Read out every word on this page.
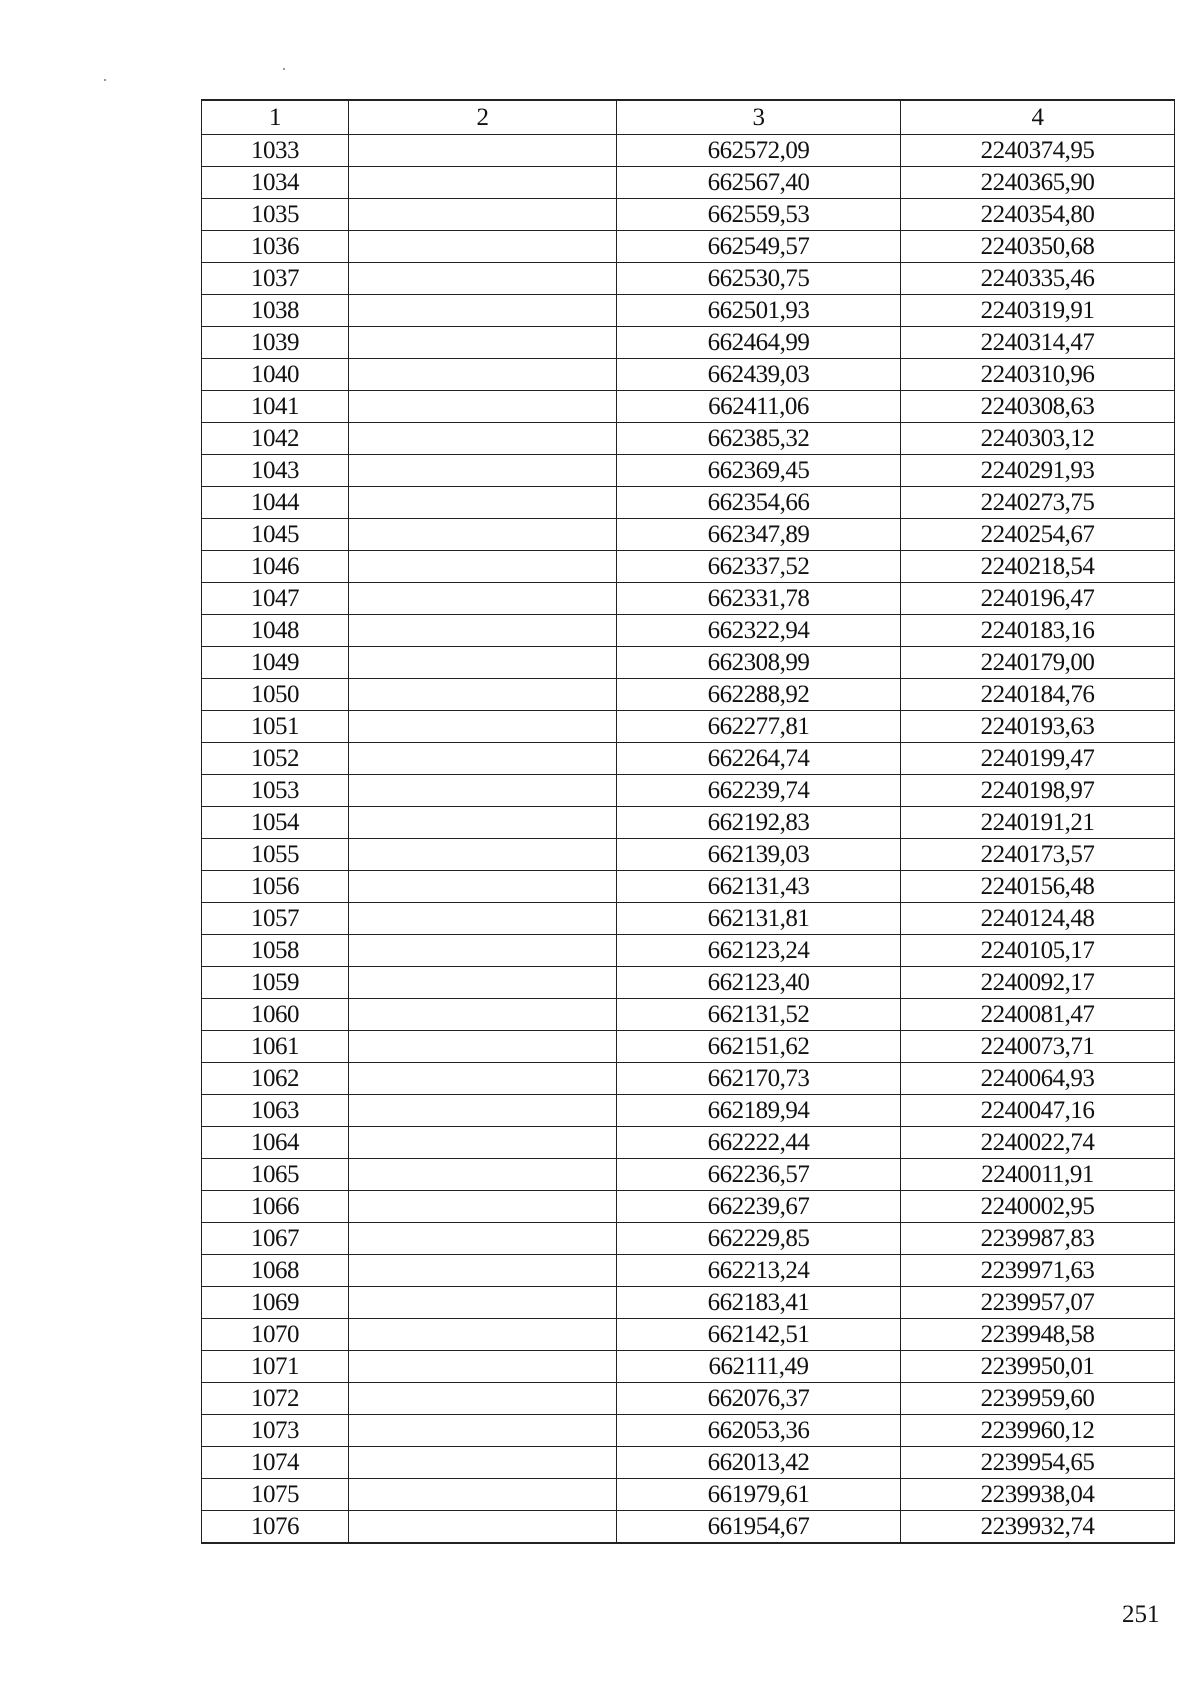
1	2	3	4
1033		662572,09	2240374,95
1034		662567,40	2240365,90
1035		662559,53	2240354,80
1036		662549,57	2240350,68
1037		662530,75	2240335,46
1038		662501,93	2240319,91
1039		662464,99	2240314,47
1040		662439,03	2240310,96
1041		662411,06	2240308,63
1042		662385,32	2240303,12
1043		662369,45	2240291,93
1044		662354,66	2240273,75
1045		662347,89	2240254,67
1046		662337,52	2240218,54
1047		662331,78	2240196,47
1048		662322,94	2240183,16
1049		662308,99	2240179,00
1050		662288,92	2240184,76
1051		662277,81	2240193,63
1052		662264,74	2240199,47
1053		662239,74	2240198,97
1054		662192,83	2240191,21
1055		662139,03	2240173,57
1056		662131,43	2240156,48
1057		662131,81	2240124,48
1058		662123,24	2240105,17
1059		662123,40	2240092,17
1060		662131,52	2240081,47
1061		662151,62	2240073,71
1062		662170,73	2240064,93
1063		662189,94	2240047,16
1064		662222,44	2240022,74
1065		662236,57	2240011,91
1066		662239,67	2240002,95
1067		662229,85	2239987,83
1068		662213,24	2239971,63
1069		662183,41	2239957,07
1070		662142,51	2239948,58
1071		662111,49	2239950,01
1072		662076,37	2239959,60
1073		662053,36	2239960,12
1074		662013,42	2239954,65
1075		661979,61	2239938,04
1076		661954,67	2239932,74
251
